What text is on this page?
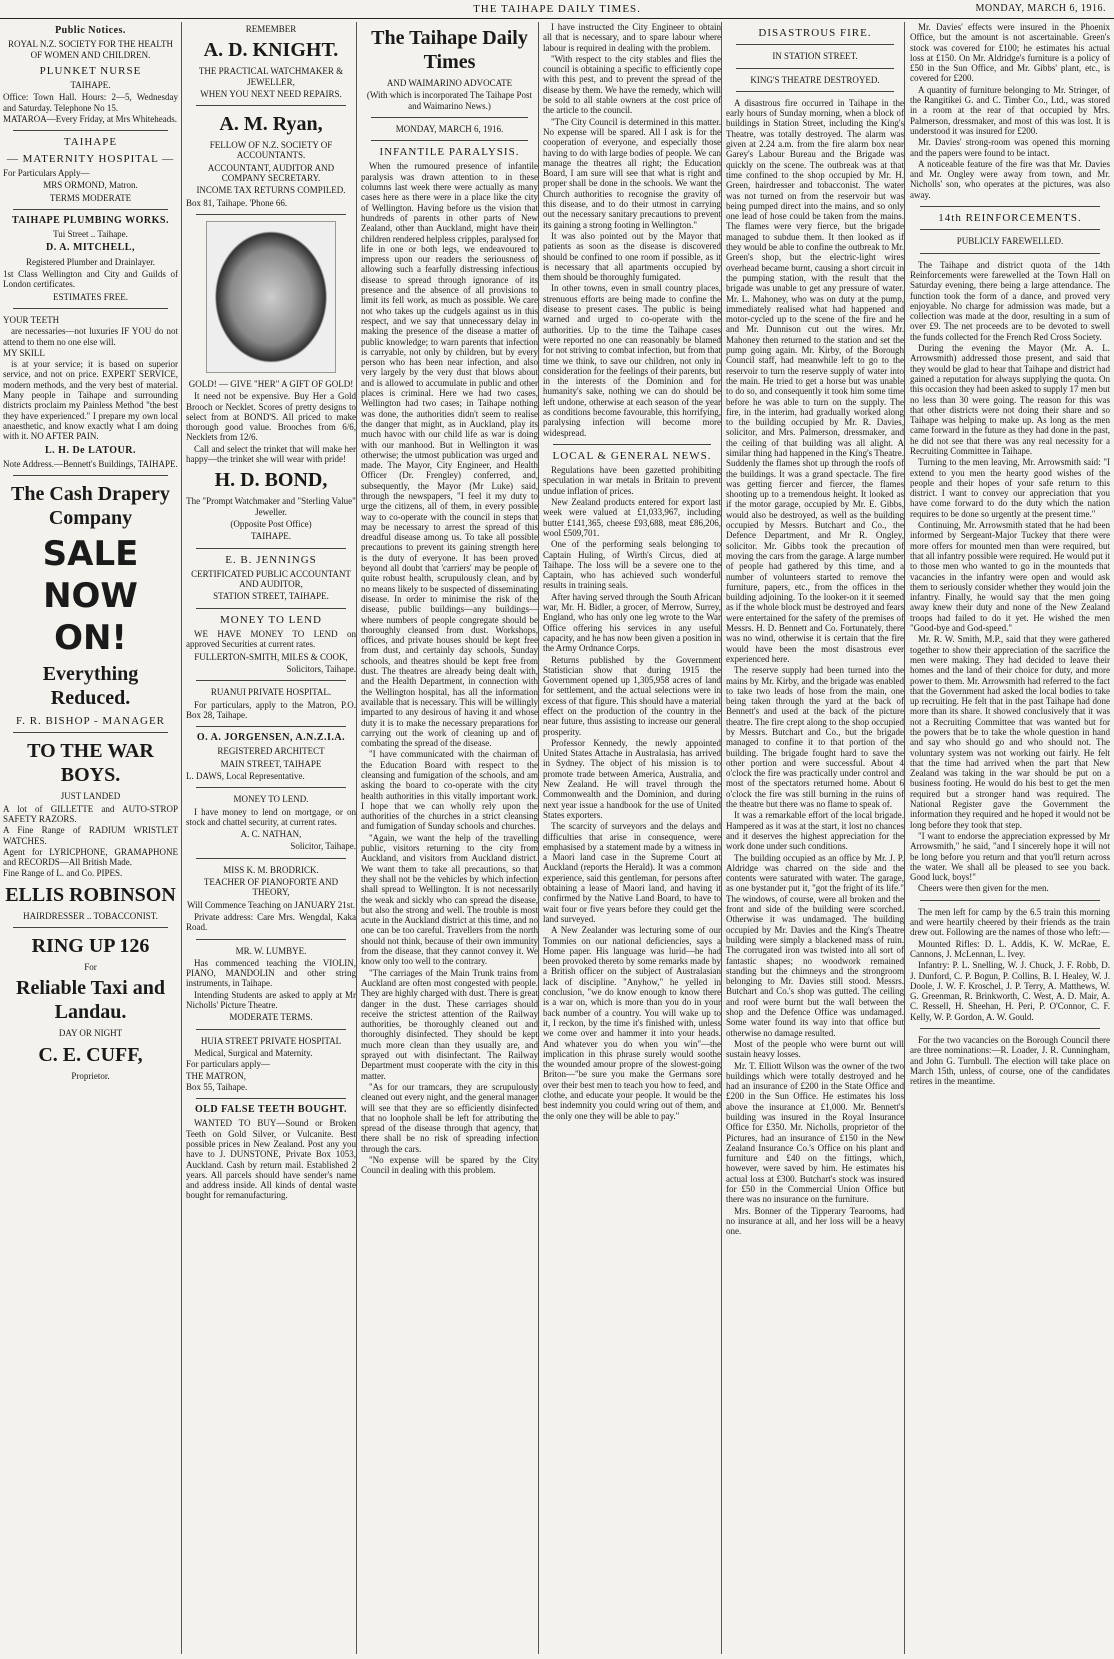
THE TAIHAPE DAILY TIMES.	MONDAY, MARCH 6, 1916.
Public Notices.
ROYAL N.Z. SOCIETY FOR THE HEALTH OF WOMEN AND CHILDREN.
PLUNKET NURSE
TAIHAPE.
Office: Town Hall. Hours: 2—5, Wednesday and Saturday. Telephone No 15.
MATAROA—Every Friday, at Mrs Whiteheads.
TAIHAPE
— MATERNITY HOSPITAL —
For Particulars Apply—
MRS ORMOND, Matron.
TERMS MODERATE
TAIHAPE PLUMBING WORKS.
Tui Street .. Taihape.
D. A. MITCHELL,
Registered Plumber and Drainlayer.
1st Class Wellington and City and Guilds of London certificates.
ESTIMATES FREE.
YOUR TEETH
are necessaries—not luxuries IF YOU do not attend to them no one else will.
MY SKILL
is at your service; it is based on superior service, and not on price. EXPERT SERVICE, modern methods, and the very best of material. Many people in Taihape and surrounding districts proclaim my Painless Method "the best they have experienced." I prepare my own local anaesthetic, and know exactly what I am doing with it. NO AFTER PAIN.
L. H. De LATOUR.
Note Address.—Bennett's Buildings, TAIHAPE.
The Cash Drapery Company
SALE
NOW
ON!
Everything Reduced.
F. R. BISHOP - MANAGER
TO THE WAR BOYS.
JUST LANDED
A lot of GILLETTE and AUTO-STROP SAFETY RAZORS.
A Fine Range of RADIUM WRISTLET WATCHES.
Agent for LYRICPHONE, GRAMAPHONE and RECORDS—All British Made.
Fine Range of L. and Co. PIPES.
ELLIS ROBINSON
HAIRDRESSER .. TOBACCONIST.
RING UP 126
For
Reliable Taxi and Landau.
DAY OR NIGHT
C. E. CUFF,
Proprietor.
REMEMBER
A. D. KNIGHT.
THE PRACTICAL WATCHMAKER & JEWELLER,
WHEN YOU NEXT NEED REPAIRS.
A. M. Ryan,
FELLOW OF N.Z. SOCIETY OF ACCOUNTANTS.
ACCOUNTANT, AUDITOR AND COMPANY SECRETARY.
INCOME TAX RETURNS COMPILED.
Box 81, Taihape. 'Phone 66.
GOLD! — GIVE "HER" A GIFT OF GOLD!
It need not be expensive. Buy Her a Gold Brooch or Necklet. Scores of pretty designs to select from at BOND'S. All priced to make thorough good value. Brooches from 6/6, Necklets from 12/6.
Call and select the trinket that will make her happy—the trinket she will wear with pride!
H. D. BOND,
The "Prompt Watchmaker and "Sterling Value" Jeweller.
(Opposite Post Office)
TAIHAPE.
E. B. JENNINGS
CERTIFICATED PUBLIC ACCOUNTANT AND AUDITOR,
STATION STREET, TAIHAPE.
MONEY TO LEND
WE HAVE MONEY TO LEND on approved Securities at current rates.
FULLERTON-SMITH, MILES & COOK,
Solicitors, Taihape.
RUANUI PRIVATE HOSPITAL.
For particulars, apply to the Matron, P.O. Box 28, Taihape.
O. A. JORGENSEN, A.N.Z.I.A.
REGISTERED ARCHITECT
MAIN STREET, TAIHAPE
L. DAWS, Local Representative.
MONEY TO LEND.
I have money to lend on mortgage, or on stock and chattel security, at current rates.
A. C. NATHAN,
Solicitor, Taihape.
MISS K. M. BRODRICK.
TEACHER OF PIANOFORTE AND THEORY,
Will Commence Teaching on JANUARY 21st.
Private address: Care Mrs. Wengdal, Kaka Road.
MR. W. LUMBYE.
Has commenced teaching the VIOLIN, PIANO, MANDOLIN and other string instruments, in Taihape.
Intending Students are asked to apply at Mr Nicholls' Picture Theatre.
MODERATE TERMS.
HUIA STREET PRIVATE HOSPITAL
Medical, Surgical and Maternity.
For particulars apply—
THE MATRON,
Box 55, Taihape.
OLD FALSE TEETH BOUGHT.
WANTED TO BUY—Sound or Broken Teeth on Gold Silver, or Vulcanite. Best possible prices in New Zealand. Post any you have to J. DUNSTONE, Private Box 1053, Auckland. Cash by return mail. Established 2 years. All parcels should have sender's name and address inside. All kinds of dental waste bought for remanufacturing.
The Taihape Daily Times
AND WAIMARINO ADVOCATE
(With which is incorporated The Taihape Post and Waimarino News.)
MONDAY, MARCH 6, 1916.
INFANTILE PARALYSIS.
When the rumoured presence of infantile paralysis was drawn attention to in these columns last week there were actually as many cases here as there were in a place like the city of Wellington. Having before us the vision that hundreds of parents in other parts of New Zealand, other than Auckland, might have their children rendered helpless cripples, paralysed for life in one or both legs, we endeavoured to impress upon our readers the seriousness of allowing such a fearfully distressing infectious disease to spread through ignorance of its presence and the absence of all provisions to limit its fell work, as much as possible. We care not who takes up the cudgels against us in this respect, and we say that unnecessary delay in making the presence of the disease a matter of public knowledge; to warn parents that infection is carryable, not only by children, but by every person who has been near infection, and also very largely by the very dust that blows about and is allowed to accumulate in public and other places is criminal. Here we had two cases, Wellington had two cases; in Taihape nothing was done, the authorities didn't seem to realise the danger that might, as in Auckland, play its much havoc with our child life as war is doing with our manhood. But in Wellington it was otherwise; the utmost publication was urged and made. The Mayor, City Engineer, and Health Officer (Dr. Frengley) conferred, and, subsequently, the Mayor (Mr Luke) said, through the newspapers, "I feel it my duty to urge the citizens, all of them, in every possible way to co-operate with the council in steps that may be necessary to arrest the spread of this dreadful disease among us. To take all possible precautions to prevent its gaining strength here is the duty of everyone. It has been proved beyond all doubt that 'carriers' may be people of quite robust health, scrupulously clean, and by no means likely to be suspected of disseminating disease. In order to minimise the risk of the disease, public buildings—any buildings—where numbers of people congregate should be thoroughly cleansed from dust. Workshops, offices, and private houses should be kept free from dust, and certainly day schools, Sunday schools, and theatres should be kept free from dust. The theatres are already being dealt with, and the Health Department, in connection with the Wellington hospital, has all the information available that is necessary. This will be willingly imparted to any desirous of having it and whose duty it is to make the necessary preparations for carrying out the work of cleaning up and of combating the spread of the disease.
"I have communicated with the chairman of the Education Board with respect to the cleansing and fumigation of the schools, and am asking the board to co-operate with the city health authorities in this vitally important work. I hope that we can wholly rely upon the authorities of the churches in a strict cleansing and fumigation of Sunday schools and churches.
"Again, we want the help of the travelling public, visitors returning to the city from Auckland, and visitors from Auckland district. We want them to take all precautions, so that they shall not be the vehicles by which infection shall spread to Wellington. It is not necessarily the weak and sickly who can spread the disease, but also the strong and well. The trouble is most acute in the Auckland district at this time, and no one can be too careful. Travellers from the north should not think, because of their own immunity from the disease, that they cannot convey it. We know only too well to the contrary.
"The carriages of the Main Trunk trains from Auckland are often most congested with people. They are highly charged with dust. There is great danger in the dust. These carriages should receive the strictest attention of the Railway authorities, be thoroughly cleaned out and thoroughly disinfected. They should be kept much more clean than they usually are, and sprayed out with disinfectant. The Railway Department must cooperate with the city in this matter.
"As for our tramcars, they are scrupulously cleaned out every night, and the general manager will see that they are so efficiently disinfected that no loophole shall be left for attributing the spread of the disease through that agency, that there shall be no risk of spreading infection through the cars.
"No expense will be spared by the City Council in dealing with this problem.
I have instructed the City Engineer to obtain all that is necessary, and to spare labour where labour is required in dealing with the problem.
"With respect to the city stables and flies the council is obtaining a specific to efficiently cope with this pest, and to prevent the spread of the disease by them. We have the remedy, which will be sold to all stable owners at the cost price of the article to the council.
"The City Council is determined in this matter. No expense will be spared. All I ask is for the cooperation of everyone, and especially those having to do with large bodies of people. We can manage the theatres all right; the Education Board, I am sure will see that what is right and proper shall be done in the schools. We want the Church authorities to recognise the gravity of this disease, and to do their utmost in carrying out the necessary sanitary precautions to prevent its gaining a strong footing in Wellington."
It was also pointed out by the Mayor that patients as soon as the disease is discovered should be confined to one room if possible, as it is necessary that all apartments occupied by them should be thoroughly fumigated.
In other towns, even in small country places, strenuous efforts are being made to confine the disease to present cases. The public is being warned and urged to co-operate with the authorities. Up to the time the Taihape cases were reported no one can reasonably be blamed for not striving to combat infection, but from that time we think, to save our children, not only in consideration for the feelings of their parents, but in the interests of the Dominion and for humanity's sake, nothing we can do should be left undone, otherwise at each season of the year as conditions become favourable, this horrifying, paralysing infection will become more widespread.
LOCAL & GENERAL NEWS.
Regulations have been gazetted prohibiting speculation in war metals in Britain to prevent undue inflation of prices.
New Zealand products entered for export last week were valued at £1,033,967, including butter £141,365, cheese £93,688, meat £86,206, wool £509,701.
One of the performing seals belonging to Captain Huling, of Wirth's Circus, died at Taihape. The loss will be a severe one to the Captain, who has achieved such wonderful results in training seals.
After having served through the South African war, Mr. H. Bidler, a grocer, of Merrow, Surrey, England, who has only one leg wrote to the War Office offering his services in any useful capacity, and he has now been given a position in the Army Ordnance Corps.
Returns published by the Government Statistician show that during 1915 the Government opened up 1,305,958 acres of land for settlement, and the actual selections were in excess of that figure. This should have a material effect on the production of the country in the near future, thus assisting to increase our general prosperity.
Professor Kennedy, the newly appointed United States Attache in Australasia, has arrived in Sydney. The object of his mission is to promote trade between America, Australia, and New Zealand. He will travel through the Commonwealth and the Dominion, and during next year issue a handbook for the use of United States exporters.
The scarcity of surveyors and the delays and difficulties that arise in consequence, were emphasised by a statement made by a witness in a Maori land case in the Supreme Court at Auckland (reports the Herald). It was a common experience, said this gentleman, for persons after obtaining a lease of Maori land, and having it confirmed by the Native Land Board, to have to wait four or five years before they could get the land surveyed.
A New Zealander was lecturing some of our Tommies on our national deficiencies, says a Home paper. His language was lurid—he had been provoked thereto by some remarks made by a British officer on the subject of Australasian lack of discipline. "Anyhow," he yelled in conclusion, "we do know enough to know there is a war on, which is more than you do in your back number of a country. You will wake up to it, I reckon, by the time it's finished with, unless we come over and hammer it into your heads. And whatever you do when you win"—the implication in this phrase surely would soothe the wounded amour propre of the slowest-going Briton—"be sure you make the Germans sore over their best men to teach you how to feed, and clothe, and educate your people. It would be the best indemnity you could wring out of them, and the only one they will be able to pay."
DISASTROUS FIRE.
IN STATION STREET.
KING'S THEATRE DESTROYED.
A disastrous fire occurred in Taihape in the early hours of Sunday morning, when a block of buildings in Station Street, including the King's Theatre, was totally destroyed. The alarm was given at 2.24 a.m. from the fire alarm box near Garey's Labour Bureau and the Brigade was quickly on the scene. The outbreak was at that time confined to the shop occupied by Mr. H. Green, hairdresser and tobacconist. The water was not turned on from the reservoir but was being pumped direct into the mains, and so only one lead of hose could be taken from the mains. The flames were very fierce, but the brigade managed to subdue them. It then looked as if they would be able to confine the outbreak to Mr. Green's shop, but the electric-light wires overhead became burnt, causing a short circuit in the pumping station, with the result that the brigade was unable to get any pressure of water. Mr. L. Mahoney, who was on duty at the pump, immediately realised what had happened and motor-cycled up to the scene of the fire and he and Mr. Dunnison cut out the wires. Mr. Mahoney then returned to the station and set the pump going again. Mr. Kirby, of the Borough Council staff, had meanwhile left to go to the reservoir to turn the reserve supply of water into the main. He tried to get a horse but was unable to do so, and consequently it took him some time before he was able to turn on the supply. The fire, in the interim, had gradually worked along to the building occupied by Mr. R. Davies, solicitor, and Mrs. Palmerson, dressmaker, and the ceiling of that building was all alight. A similar thing had happened in the King's Theatre. Suddenly the flames shot up through the roofs of the buildings. It was a grand spectacle. The fire was getting fiercer and fiercer, the flames shooting up to a tremendous height. It looked as if the motor garage, occupied by Mr. E. Gibbs, would also be destroyed, as well as the building occupied by Messrs. Butchart and Co., the Defence Department, and Mr R. Ongley, solicitor. Mr. Gibbs took the precaution of moving the cars from the garage. A large number of people had gathered by this time, and a number of volunteers started to remove the furniture, papers, etc., from the offices in the building adjoining. To the looker-on it it seemed as if the whole block must be destroyed and fears were entertained for the safety of the premises of Messrs. H. D. Bennett and Co. Fortunately, there was no wind, otherwise it is certain that the fire would have been the most disastrous ever experienced here.
The reserve supply had been turned into the mains by Mr. Kirby, and the brigade was enabled to take two leads of hose from the main, one being taken through the yard at the back of Bennett's and used at the back of the picture theatre. The fire crept along to the shop occupied by Messrs. Butchart and Co., but the brigade managed to confine it to that portion of the building. The brigade fought hard to save the other portion and were successful. About 4 o'clock the fire was practically under control and most of the spectators returned home. About 6 o'clock the fire was still burning in the ruins of the theatre but there was no flame to speak of.
It was a remarkable effort of the local brigade. Hampered as it was at the start, it lost no chances and it deserves the highest appreciation for the work done under such conditions.
The building occupied as an office by Mr. J. P. Aldridge was charred on the side and the contents were saturated with water. The garage, as one bystander put it, "got the fright of its life." The windows, of course, were all broken and the front and side of the building were scorched. Otherwise it was undamaged. The building occupied by Mr. Davies and the King's Theatre building were simply a blackened mass of ruin. The corrugated iron was twisted into all sort of fantastic shapes; no woodwork remained standing but the chimneys and the strongroom belonging to Mr. Davies still stood. Messrs. Butchart and Co.'s shop was gutted. The ceiling and roof were burnt but the wall between the shop and the Defence Office was undamaged. Some water found its way into that office but otherwise no damage resulted.
Most of the people who were burnt out will sustain heavy losses.
Mr. T. Elliott Wilson was the owner of the two buildings which were totally destroyed and he had an insurance of £200 in the State Office and £200 in the Sun Office. He estimates his loss above the insurance at £1,000. Mr. Bennett's building was insured in the Royal Insurance Office for £350. Mr. Nicholls, proprietor of the Pictures, had an insurance of £150 in the New Zealand Insurance Co.'s Office on his plant and furniture and £40 on the fittings, which, however, were saved by him. He estimates his actual loss at £300. Butchart's stock was insured for £50 in the Commercial Union Office but there was no insurance on the furniture.
Mrs. Bonner of the Tipperary Tearooms, had no insurance at all, and her loss will be a heavy one.
Mr. Davies' effects were insured in the Phoenix Office, but the amount is not ascertainable. Green's stock was covered for £100; he estimates his actual loss at £150. On Mr. Aldridge's furniture is a policy of £50 in the Sun Office, and Mr. Gibbs' plant, etc., is covered for £200.
A quantity of furniture belonging to Mr. Stringer, of the Rangitikei G. and C. Timber Co., Ltd., was stored in a room at the rear of that occupied by Mrs. Palmerson, dressmaker, and most of this was lost. It is understood it was insured for £200.
Mr. Davies' strong-room was opened this morning and the papers were found to be intact.
A noticeable feature of the fire was that Mr. Davies and Mr. Ongley were away from town, and Mr. Nicholls' son, who operates at the pictures, was also away.
14th REINFORCEMENTS.
PUBLICLY FAREWELLED.
The Taihape and district quota of the 14th Reinforcements were farewelled at the Town Hall on Saturday evening, there being a large attendance. The function took the form of a dance, and proved very enjoyable. No charge for admission was made, but a collection was made at the door, resulting in a sum of over £9. The net proceeds are to be devoted to swell the funds collected for the French Red Cross Society.
During the evening the Mayor (Mr. A. L. Arrowsmith) addressed those present, and said that they would be glad to hear that Taihape and district had gained a reputation for always supplying the quota. On this occasion they had been asked to supply 17 men but no less than 30 were going. The reason for this was that other districts were not doing their share and so Taihape was helping to make up. As long as the men came forward in the future as they had done in the past, he did not see that there was any real necessity for a Recruiting Committee in Taihape.
Turning to the men leaving, Mr. Arrowsmith said: "I extend to you men the hearty good wishes of the people and their hopes of your safe return to this district. I want to convey our appreciation that you have come forward to do the duty which the nation requires to be done so urgently at the present time."
Continuing, Mr. Arrowsmith stated that he had been informed by Sergeant-Major Tuckey that there were more offers for mounted men than were required, but that all infantry possible were required. He would put it to those men who wanted to go in the mounteds that vacancies in the infantry were open and would ask them to seriously consider whether they would join the infantry. Finally, he would say that the men going away knew their duty and none of the New Zealand troops had failed to do it yet. He wished the men "Good-bye and God-speed."
Mr. R. W. Smith, M.P., said that they were gathered together to show their appreciation of the sacrifice the men were making. They had decided to leave their homes and the land of their choice for duty, and more power to them. Mr. Arrowsmith had referred to the fact that the Government had asked the local bodies to take up recruiting. He felt that in the past Taihape had done more than its share. It showed conclusively that it was not a Recruiting Committee that was wanted but for the powers that be to take the whole question in hand and say who should go and who should not. The voluntary system was not working out fairly. He felt that the time had arrived when the part that New Zealand was taking in the war should be put on a business footing. He would do his best to get the men required but a stronger hand was required. The National Register gave the Government the information they required and he hoped it would not be long before they took that step.
"I want to endorse the appreciation expressed by Mr Arrowsmith," he said, "and I sincerely hope it will not be long before you return and that you'll return across the water. We shall all be pleased to see you back. Good luck, boys!"
Cheers were then given for the men.
The men left for camp by the 6.5 train this morning and were heartily cheered by their friends as the train drew out. Following are the names of those who left:—
Mounted Rifles: D. L. Addis, K. W. McRae, E. Cannons, J. McLennan, L. Ivey.
Infantry: P. L. Snelling, W. J. Chuck, J. F. Robb, D. J. Dunford, C. P. Bogun, P. Collins, B. I. Healey, W. J. Doole, J. W. F. Kroschel, J. P. Terry, A. Matthews, W. G. Greenman, R. Brinkworth, C. West, A. D. Mair, A. C. Ressell, H. Sheehan, H. Peri, P. O'Connor, C. F. Kelly, W. P. Gordon, A. W. Gould.
For the two vacancies on the Borough Council there are three nominations:—R. Loader, J. R. Cunningham, and John G. Turnbull. The election will take place on March 15th, unless, of course, one of the candidates retires in the meantime.
